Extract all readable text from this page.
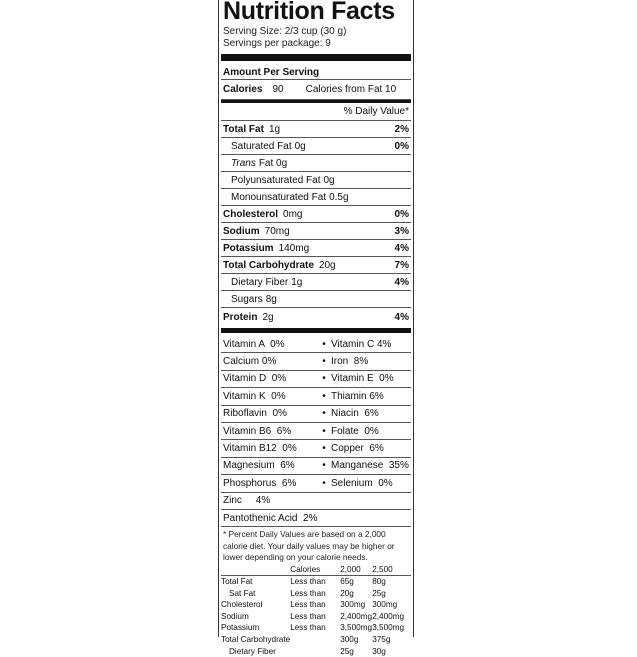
Nutrition Facts
Serving Size: 2/3 cup (30 g)
Servings per package: 9
Amount Per Serving
Calories 90 Calories from Fat 10
% Daily Value*
Total Fat 1g	2%
Saturated Fat 0g	0%
Trans Fat 0g
Polyunsaturated Fat 0g
Monounsaturated Fat 0.5g
Cholesterol 0mg	0%
Sodium 70mg	3%
Potassium 140mg	4%
Total Carbohydrate 20g	7%
Dietary Fiber 1g	4%
Sugars 8g
Protein 2g	4%
Vitamin A  0%	• Vitamin C 4%
Calcium 0%	• Iron  8%
Vitamin D  0%	• Vitamin E  0%
Vitamin K  0%	• Thiamin 6%
Riboflavin  0%	• Niacin  6%
Vitamin B6  6%	• Folate  0%
Vitamin B12  0%	• Copper  6%
Magnesium  6%	• Manganese  35%
Phosphorus  6%	• Selenium  0%
Zinc     4%
Pantothenic Acid  2%
* Percent Daily Values are based on a 2,000 calorie diet. Your daily values may be higher or lower depending on your calorie needs.
	Calories	2,000	2,500
Total Fat	Less than	65g	80g
Sat Fat	Less than	20g	25g
Cholesterol	Less than	300mg	300mg
Sodium	Less than	2,400mg	2,400mg
Potassium	Less than	3,500mg	3,500mg
Total Carbohydrate		300g	375g
Dietary Fiber		25g	30g
